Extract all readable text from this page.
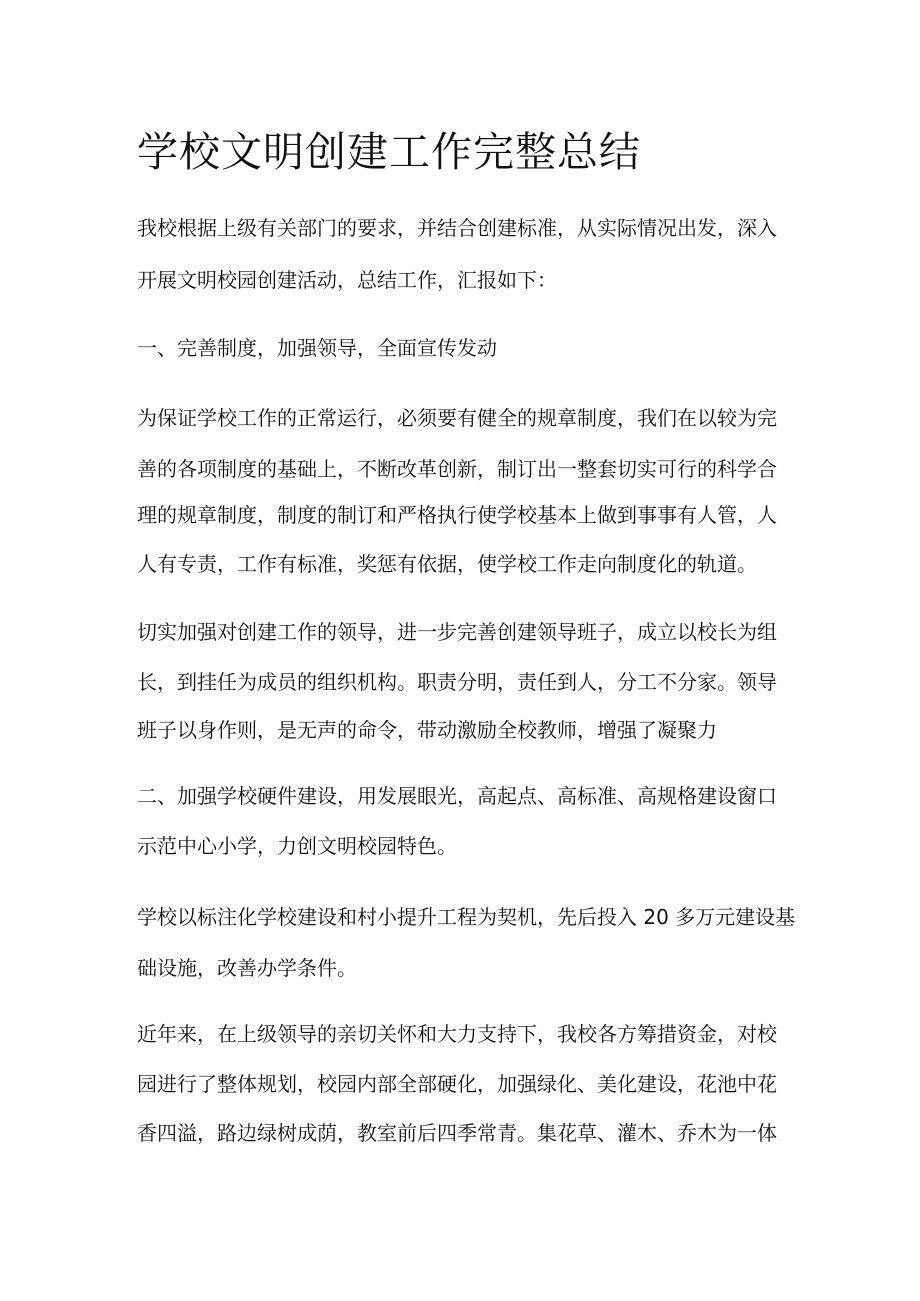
学校文明创建工作完整总结

我校根据上级有关部门的要求，并结合创建标准，从实际情况出发，深入

开展文明校园创建活动，总结工作，汇报如下：

一、完善制度，加强领导，全面宣传发动

为保证学校工作的正常运行，必须要有健全的规章制度，我们在以较为完

善的各项制度的基础上，不断改革创新，制订出一整套切实可行的科学合

理的规章制度，制度的制订和严格执行使学校基本上做到事事有人管，人

人有专责，工作有标准，奖惩有依据，使学校工作走向制度化的轨道。

切实加强对创建工作的领导，进一步完善创建领导班子，成立以校长为组

长，到挂任为成员的组织机构。职责分明，责任到人，分工不分家。领导

班子以身作则，是无声的命令，带动激励全校教师，增强了凝聚力

二、加强学校硬件建设，用发展眼光，高起点、高标准、高规格建设窗口

示范中心小学，力创文明校园特色。

学校以标注化学校建设和村小提升工程为契机，先后投入 20 多万元建设基

础设施，改善办学条件。

近年来，在上级领导的亲切关怀和大力支持下，我校各方筹措资金，对校

园进行了整体规划，校园内部全部硬化，加强绿化、美化建设，花池中花

香四溢，路边绿树成荫，教室前后四季常青。集花草、灌木、乔木为一体
